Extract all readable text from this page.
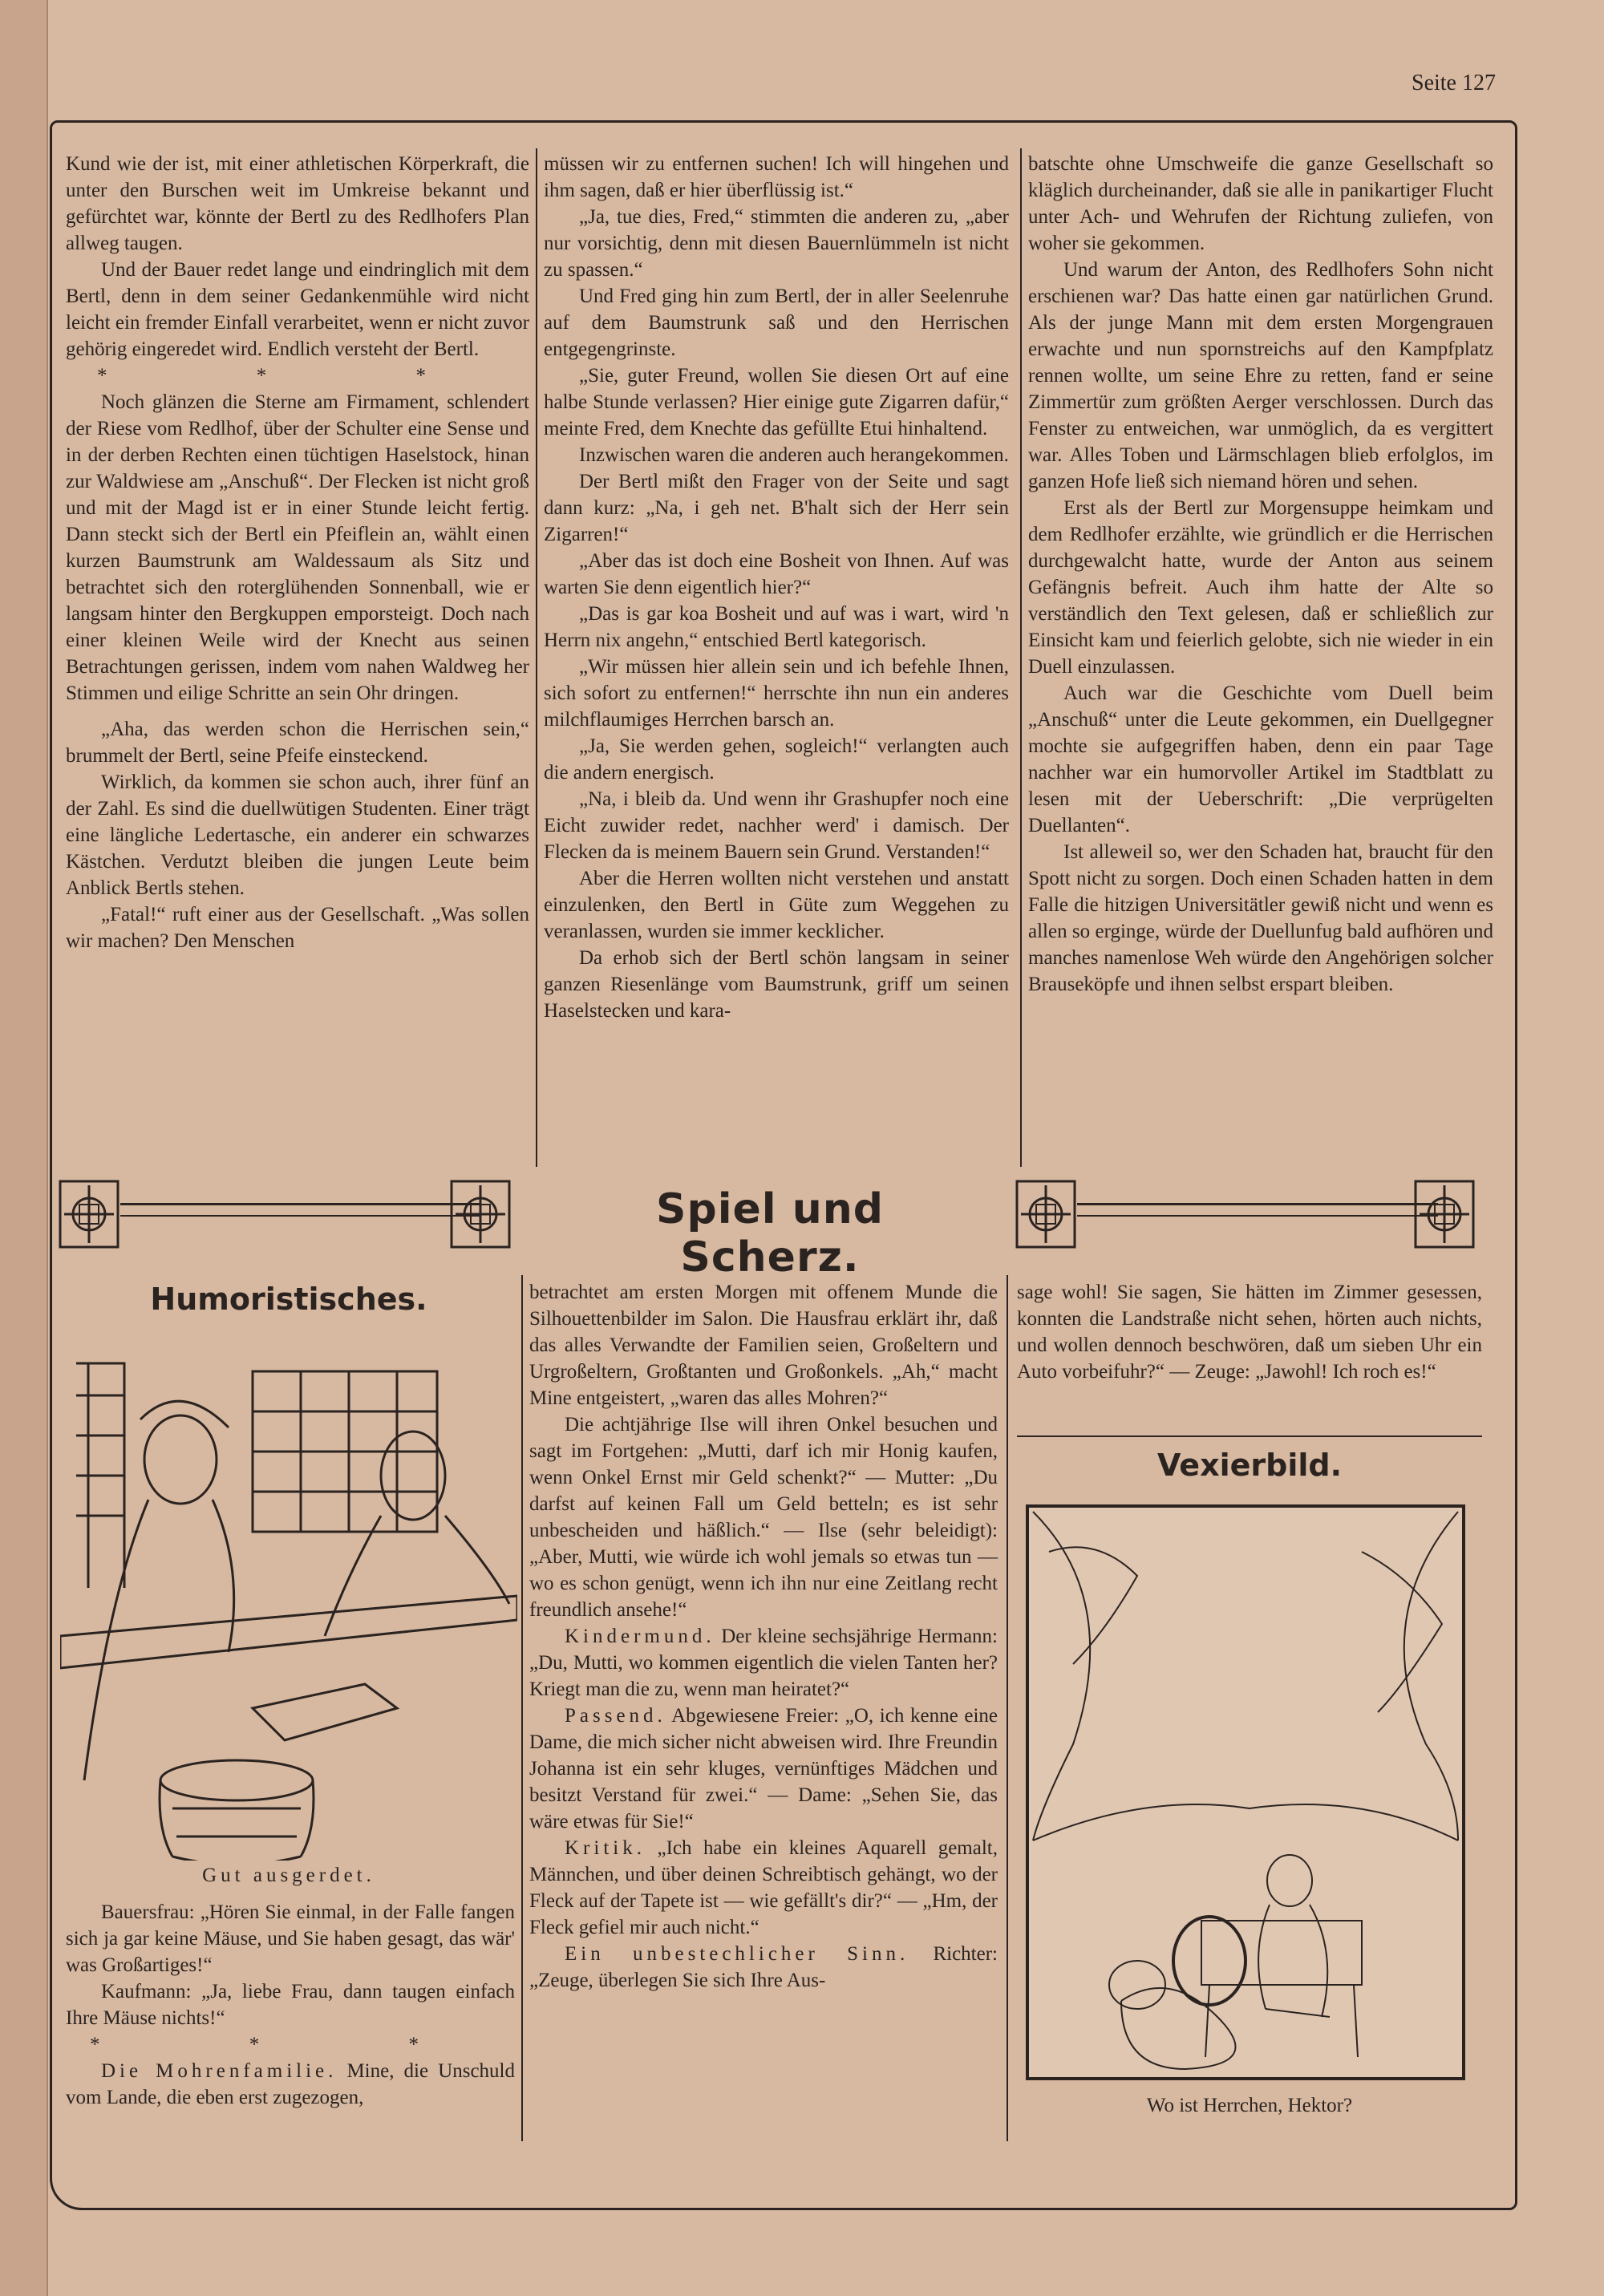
Seite 127

Kund wie der ist, mit einer athletischen Körperkraft, die unter den Burschen weit im Umkreise bekannt und gefürchtet war, könnte der Bertl zu des Redlhofers Plan allweg taugen.

Und der Bauer redet lange und eindringlich mit dem Bertl, denn in dem seiner Gedankenmühle wird nicht leicht ein fremder Einfall verarbeitet, wenn er nicht zuvor gehörig eingeredet wird. Endlich versteht der Bertl.

* * *

Noch glänzen die Sterne am Firmament, schlendert der Riese vom Redlhof, über der Schulter eine Sense und in der derben Rechten einen tüchtigen Haselstock, hinan zur Waldwiese am „Anschuß“. Der Flecken ist nicht groß und mit der Magd ist er in einer Stunde leicht fertig. Dann steckt sich der Bertl ein Pfeiflein an, wählt einen kurzen Baumstrunk am Waldessaum als Sitz und betrachtet sich den roterglühenden Sonnenball, wie er langsam hinter den Bergkuppen emporsteigt. Doch nach einer kleinen Weile wird der Knecht aus seinen Betrachtungen gerissen, indem vom nahen Waldweg her Stimmen und eilige Schritte an sein Ohr dringen.

„Aha, das werden schon die Herrischen sein,“ brummelt der Bertl, seine Pfeife einsteckend.

Wirklich, da kommen sie schon auch, ihrer fünf an der Zahl. Es sind die duellwütigen Studenten. Einer trägt eine längliche Ledertasche, ein anderer ein schwarzes Kästchen. Verdutzt bleiben die jungen Leute beim Anblick Bertls stehen.

„Fatal!“ ruft einer aus der Gesellschaft. „Was sollen wir machen? Den Menschen

müssen wir zu entfernen suchen! Ich will hingehen und ihm sagen, daß er hier überflüssig ist.“

„Ja, tue dies, Fred,“ stimmten die anderen zu, „aber nur vorsichtig, denn mit diesen Bauernlümmeln ist nicht zu spassen.“

Und Fred ging hin zum Bertl, der in aller Seelenruhe auf dem Baumstrunk saß und den Herrischen entgegengrinste.

„Sie, guter Freund, wollen Sie diesen Ort auf eine halbe Stunde verlassen? Hier einige gute Zigarren dafür,“ meinte Fred, dem Knechte das gefüllte Etui hinhaltend.

Inzwischen waren die anderen auch herangekommen.

Der Bertl mißt den Frager von der Seite und sagt dann kurz: „Na, i geh net. B'halt sich der Herr sein Zigarren!“

„Aber das ist doch eine Bosheit von Ihnen. Auf was warten Sie denn eigentlich hier?“

„Das is gar koa Bosheit und auf was i wart, wird 'n Herrn nix angehn,“ entschied Bertl kategorisch.

„Wir müssen hier allein sein und ich befehle Ihnen, sich sofort zu entfernen!“ herrschte ihn nun ein anderes milchflaumiges Herrchen barsch an.

„Ja, Sie werden gehen, sogleich!“ verlangten auch die andern energisch.

„Na, i bleib da. Und wenn ihr Grashupfer noch eine Eicht zuwider redet, nachher werd' i damisch. Der Flecken da is meinem Bauern sein Grund. Verstanden!“

Aber die Herren wollten nicht verstehen und anstatt einzulenken, den Bertl in Güte zum Weggehen zu veranlassen, wurden sie immer kecklicher.

Da erhob sich der Bertl schön langsam in seiner ganzen Riesenlänge vom Baumstrunk, griff um seinen Haselstecken und kara-

batschte ohne Umschweife die ganze Gesellschaft so kläglich durcheinander, daß sie alle in panikartiger Flucht unter Ach- und Wehrufen der Richtung zuliefen, von woher sie gekommen.

Und warum der Anton, des Redlhofers Sohn nicht erschienen war? Das hatte einen gar natürlichen Grund. Als der junge Mann mit dem ersten Morgengrauen erwachte und nun spornstreichs auf den Kampfplatz rennen wollte, um seine Ehre zu retten, fand er seine Zimmertür zum größten Aerger verschlossen. Durch das Fenster zu entweichen, war unmöglich, da es vergittert war. Alles Toben und Lärmschlagen blieb erfolglos, im ganzen Hofe ließ sich niemand hören und sehen.

Erst als der Bertl zur Morgensuppe heimkam und dem Redlhofer erzählte, wie gründlich er die Herrischen durchgewalcht hatte, wurde der Anton aus seinem Gefängnis befreit. Auch ihm hatte der Alte so verständlich den Text gelesen, daß er schließlich zur Einsicht kam und feierlich gelobte, sich nie wieder in ein Duell einzulassen.

Auch war die Geschichte vom Duell beim „Anschuß“ unter die Leute gekommen, ein Duellgegner mochte sie aufgegriffen haben, denn ein paar Tage nachher war ein humorvoller Artikel im Stadtblatt zu lesen mit der Ueberschrift: „Die verprügelten Duellanten“.

Ist alleweil so, wer den Schaden hat, braucht für den Spott nicht zu sorgen. Doch einen Schaden hatten in dem Falle die hitzigen Universitätler gewiß nicht und wenn es allen so erginge, würde der Duellunfug bald aufhören und manches namenlose Weh würde den Angehörigen solcher Brauseköpfe und ihnen selbst erspart bleiben.

Spiel und Scherz.
Humoristisches.
Gut ausgerdet.

Bauersfrau: „Hören Sie einmal, in der Falle fangen sich ja gar keine Mäuse, und Sie haben gesagt, das wär' was Großartiges!“

Kaufmann: „Ja, liebe Frau, dann taugen einfach Ihre Mäuse nichts!“

* * *

Die Mohrenfamilie. Mine, die Unschuld vom Lande, die eben erst zugezogen,

betrachtet am ersten Morgen mit offenem Munde die Silhouettenbilder im Salon. Die Hausfrau erklärt ihr, daß das alles Verwandte der Familien seien, Großeltern und Urgroßeltern, Großtanten und Großonkels. „Ah,“ macht Mine entgeistert, „waren das alles Mohren?“

Die achtjährige Ilse will ihren Onkel besuchen und sagt im Fortgehen: „Mutti, darf ich mir Honig kaufen, wenn Onkel Ernst mir Geld schenkt?“ — Mutter: „Du darfst auf keinen Fall um Geld betteln; es ist sehr unbescheiden und häßlich.“ — Ilse (sehr beleidigt): „Aber, Mutti, wie würde ich wohl jemals so etwas tun — wo es schon genügt, wenn ich ihn nur eine Zeitlang recht freundlich ansehe!“

Kindermund. Der kleine sechsjährige Hermann: „Du, Mutti, wo kommen eigentlich die vielen Tanten her? Kriegt man die zu, wenn man heiratet?“

Passend. Abgewiesene Freier: „O, ich kenne eine Dame, die mich sicher nicht abweisen wird. Ihre Freundin Johanna ist ein sehr kluges, vernünftiges Mädchen und besitzt Verstand für zwei.“ — Dame: „Sehen Sie, das wäre etwas für Sie!“

Kritik. „Ich habe ein kleines Aquarell gemalt, Männchen, und über deinen Schreibtisch gehängt, wo der Fleck auf der Tapete ist — wie gefällt's dir?“ — „Hm, der Fleck gefiel mir auch nicht.“

Ein unbestechlicher Sinn. Richter: „Zeuge, überlegen Sie sich Ihre Aus-

sage wohl! Sie sagen, Sie hätten im Zimmer gesessen, konnten die Landstraße nicht sehen, hörten auch nichts, und wollen dennoch beschwören, daß um sieben Uhr ein Auto vorbeifuhr?“ — Zeuge: „Jawohl! Ich roch es!“

Vexierbild.
Wo ist Herrchen, Hektor?
